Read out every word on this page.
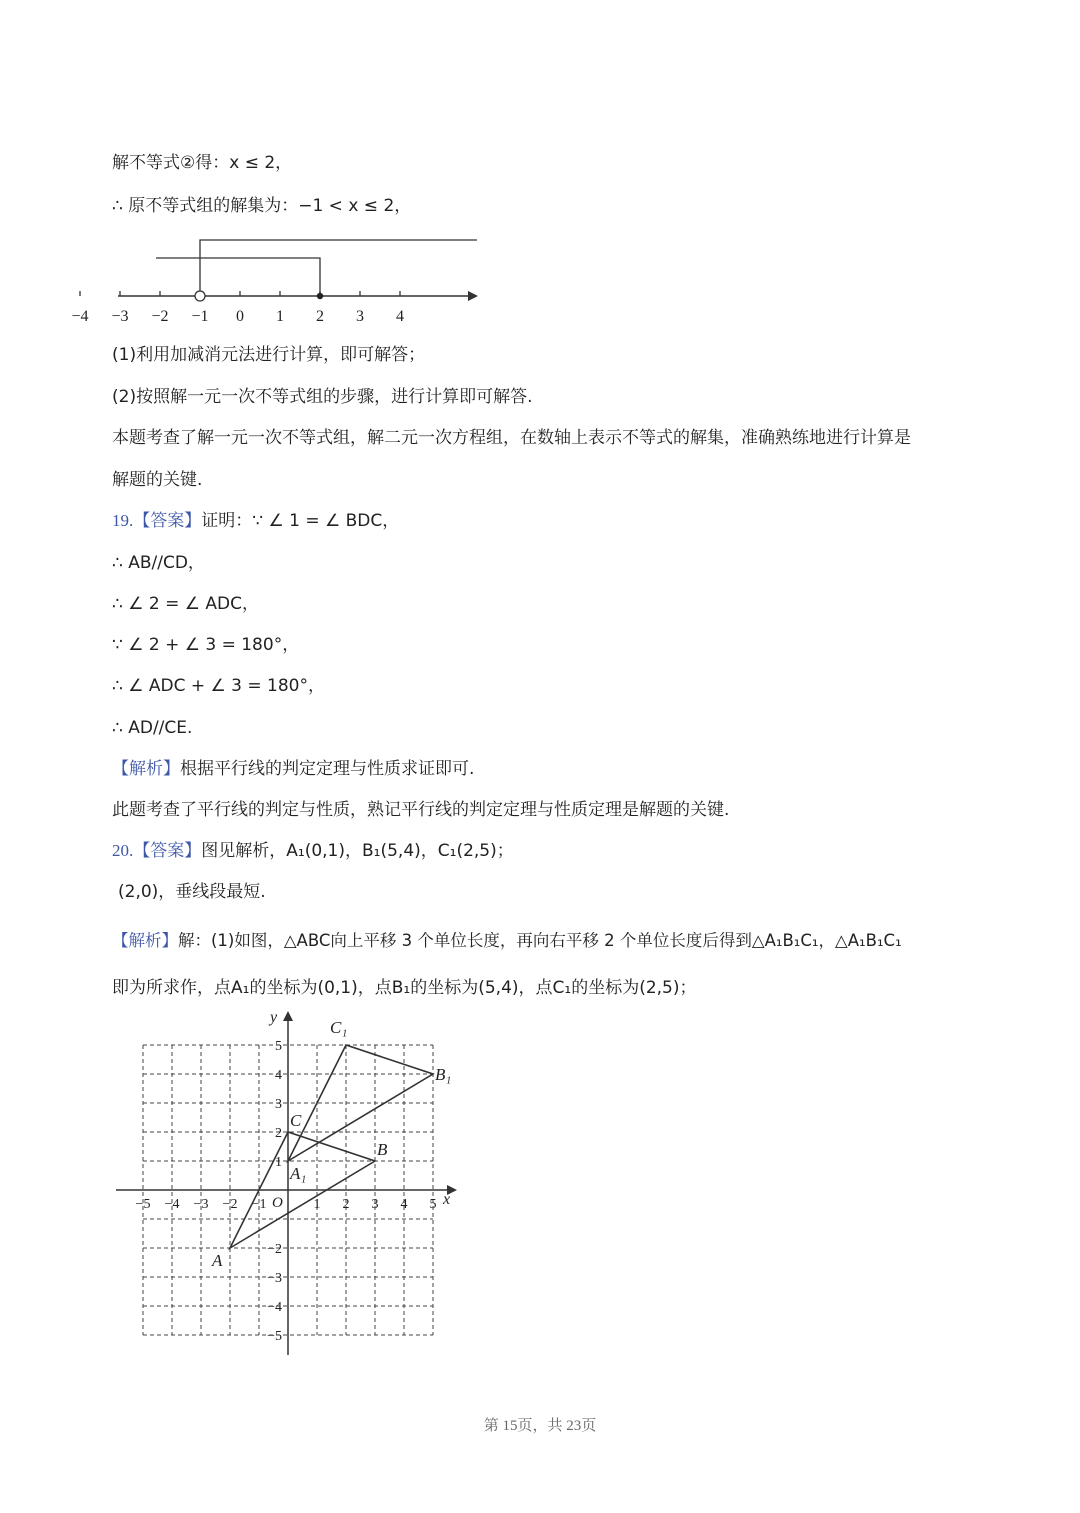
解不等式②得：x ≤ 2，
∴ 原不等式组的解集为：−1 < x ≤ 2，
−4 −3 −2 −1 0 1 2 3 4
(1)利用加减消元法进行计算，即可解答；
(2)按照解一元一次不等式组的步骤，进行计算即可解答.
本题考查了解一元一次不等式组，解二元一次方程组，在数轴上表示不等式的解集，准确熟练地进行计算是
解题的关键.
19.【答案】证明：∵ ∠ 1 = ∠ BDC，
∴ AB//CD，
∴ ∠ 2 = ∠ ADC，
∵ ∠ 2 + ∠ 3 = 180°，
∴ ∠ ADC + ∠ 3 = 180°，
∴ AD//CE.
【解析】根据平行线的判定定理与性质求证即可.
此题考查了平行线的判定与性质，熟记平行线的判定定理与性质定理是解题的关键.
20.【答案】图见解析，A₁(0,1)，B₁(5,4)，C₁(2,5)；
(2,0)，垂线段最短.
【解析】解：(1)如图，△ABC向上平移 3 个单位长度，再向右平移 2 个单位长度后得到△A₁B₁C₁，△A₁B₁C₁
即为所求作，点A₁的坐标为(0,1)，点B₁的坐标为(5,4)，点C₁的坐标为(2,5)；
−5 −4 −3 −2 −1	1 2 3 4 5
5
4
3
2
1
−2
−3
−4
−5
x
y
O
A
B
C
A₁
B₁
C₁
第 15页，共 23页
